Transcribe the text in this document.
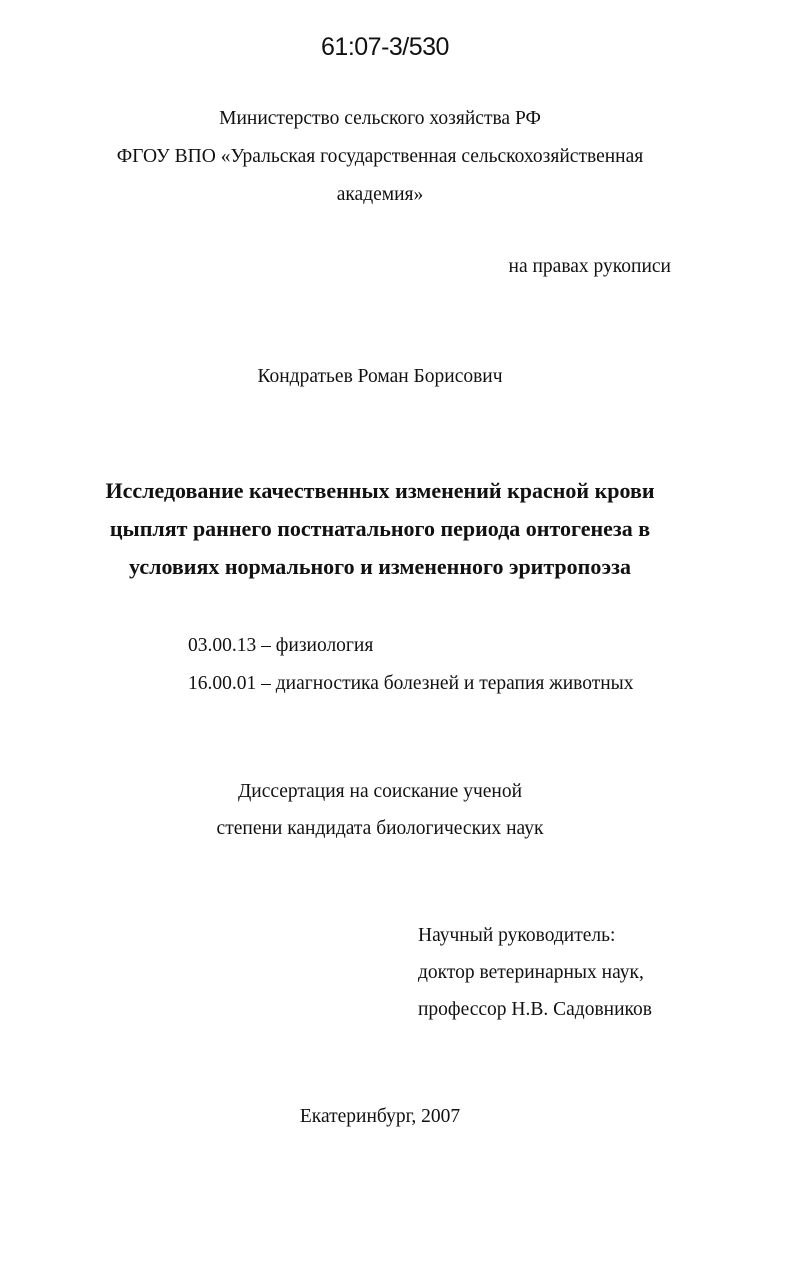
61:07-3/530
Министерство сельского хозяйства РФ
ФГОУ ВПО «Уральская государственная сельскохозяйственная
академия»
на правах рукописи
Кондратьев Роман Борисович
Исследование качественных изменений красной крови
цыплят раннего постнатального периода онтогенеза в
условиях нормального и измененного эритропоэза
03.00.13 – физиология
16.00.01 – диагностика болезней и терапия животных
Диссертация на соискание ученой
степени кандидата биологических наук
Научный руководитель:
доктор ветеринарных наук,
профессор Н.В. Садовников
Екатеринбург, 2007
